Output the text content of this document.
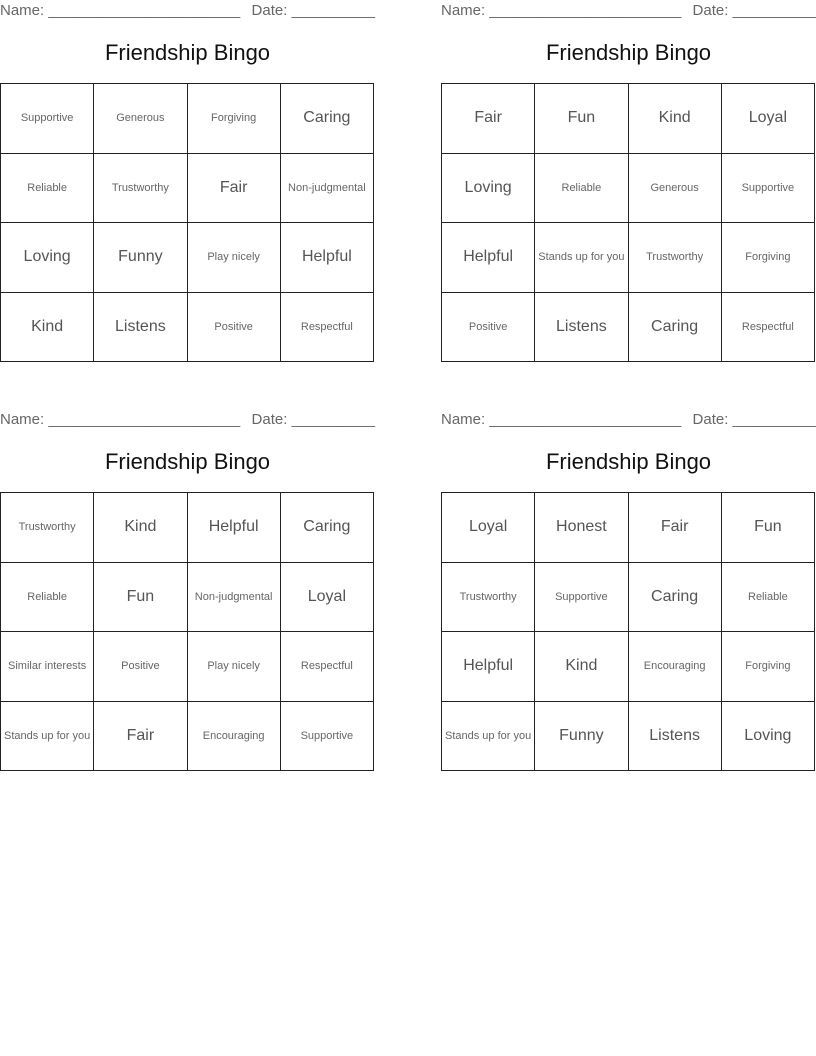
Name: _______________________ Date: __________
Friendship Bingo
Supportive	Generous	Forgiving	Caring
Reliable	Trustworthy	Fair	Non-judgmental
Loving	Funny	Play nicely	Helpful
Kind	Listens	Positive	Respectful
Name: _______________________ Date: __________
Friendship Bingo
Fair	Fun	Kind	Loyal
Loving	Reliable	Generous	Supportive
Helpful	Stands up for you	Trustworthy	Forgiving
Positive	Listens	Caring	Respectful
Name: _______________________ Date: __________
Friendship Bingo
Trustworthy	Kind	Helpful	Caring
Reliable	Fun	Non-judgmental	Loyal
Similar interests	Positive	Play nicely	Respectful
Stands up for you	Fair	Encouraging	Supportive
Name: _______________________ Date: __________
Friendship Bingo
Loyal	Honest	Fair	Fun
Trustworthy	Supportive	Caring	Reliable
Helpful	Kind	Encouraging	Forgiving
Stands up for you	Funny	Listens	Loving
